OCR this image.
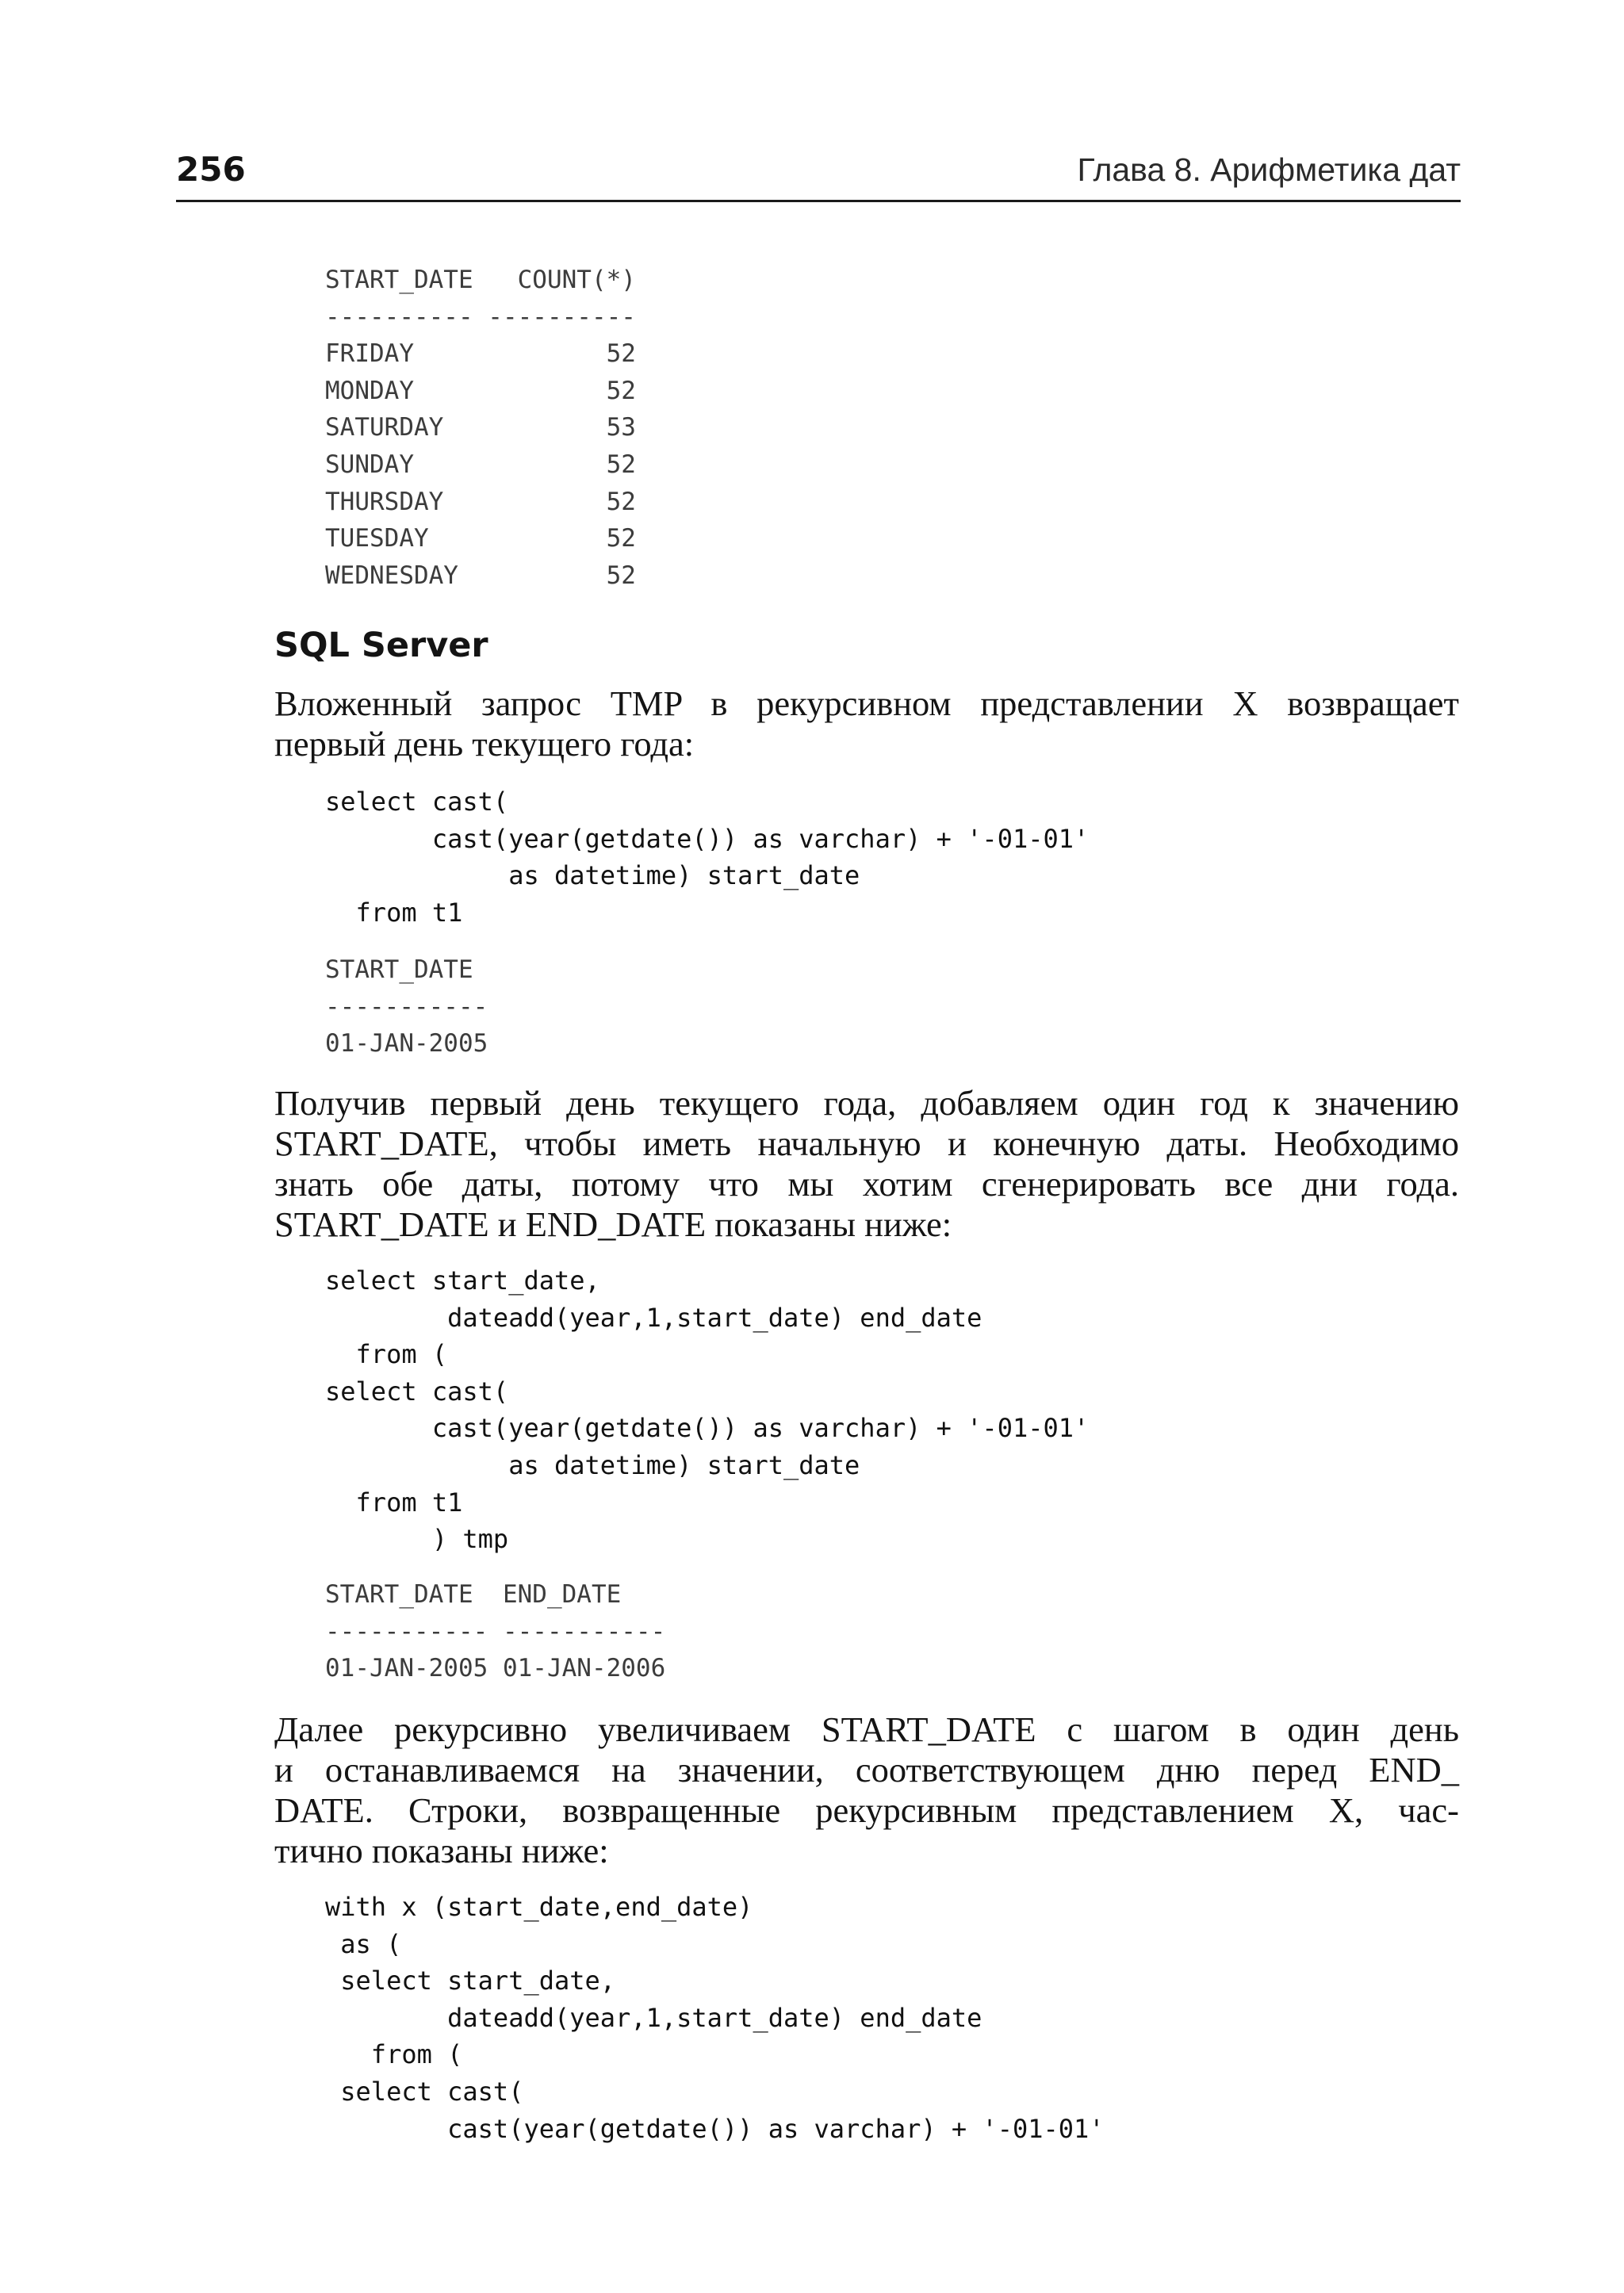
256	Глава 8. Арифметика дат
START_DATE   COUNT(*)
---------- ----------
FRIDAY             52
MONDAY             52
SATURDAY           53
SUNDAY             52
THURSDAY           52
TUESDAY            52
WEDNESDAY          52
SQL Server
Вложенный запрос TMP в рекурсивном представлении X возвращает
первый день текущего года:
select cast(
cast(year(getdate()) as varchar) + '-01-01'
as datetime) start_date
from t1
START_DATE
-----------
01-JAN-2005
Получив первый день текущего года, добавляем один год к значению
START_DATE, чтобы иметь начальную и конечную даты. Необходимо
знать обе даты, потому что мы хотим сгенерировать все дни года.
START_DATE и END_DATE показаны ниже:
select start_date,
dateadd(year,1,start_date) end_date
from (
select cast(
cast(year(getdate()) as varchar) + '-01-01'
as datetime) start_date
from t1
) tmp
START_DATE  END_DATE
----------- -----------
01-JAN-2005 01-JAN-2006
Далее рекурсивно увеличиваем START_DATE с шагом в один день
и останавливаемся на значении, соответствующем дню перед END_
DATE. Строки, возвращенные рекурсивным представлением X, час-
тично показаны ниже:
with x (start_date,end_date)
as (
select start_date,
dateadd(year,1,start_date) end_date
from (
select cast(
cast(year(getdate()) as varchar) + '-01-01'
